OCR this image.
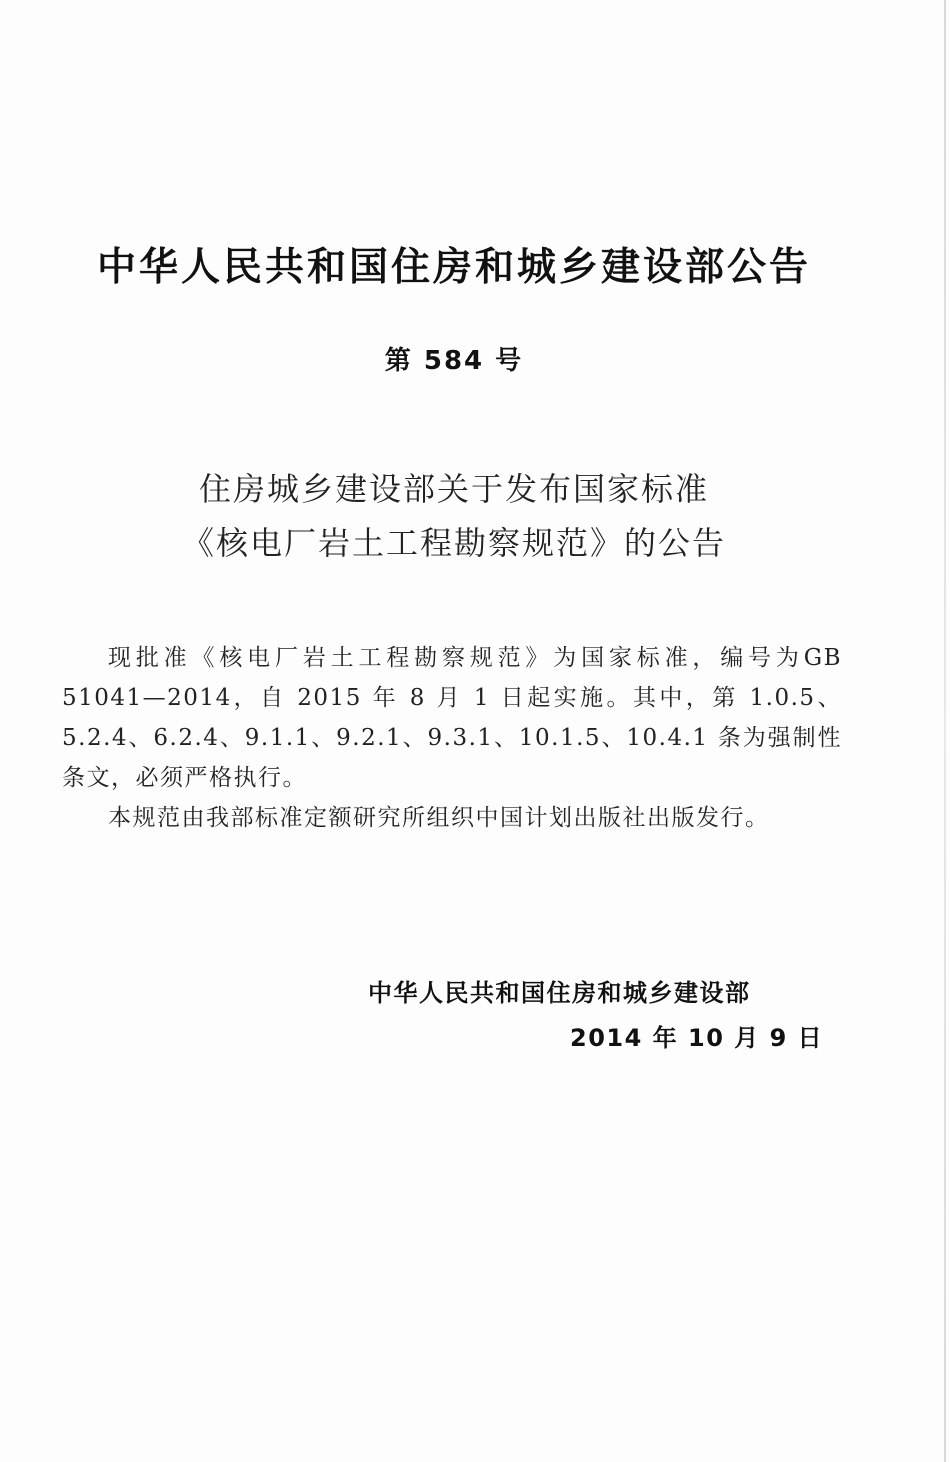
中华人民共和国住房和城乡建设部公告
第 584 号
住房城乡建设部关于发布国家标准
《核电厂岩土工程勘察规范》的公告

现批准《核电厂岩土工程勘察规范》为国家标准，编号为GB 51041—2014，自 2015 年 8 月 1 日起实施。其中，第 1.0.5、5.2.4、6.2.4、9.1.1、9.2.1、9.3.1、10.1.5、10.4.1 条为强制性条文，必须严格执行。

本规范由我部标准定额研究所组织中国计划出版社出版发行。

中华人民共和国住房和城乡建设部
2014 年 10 月 9 日
